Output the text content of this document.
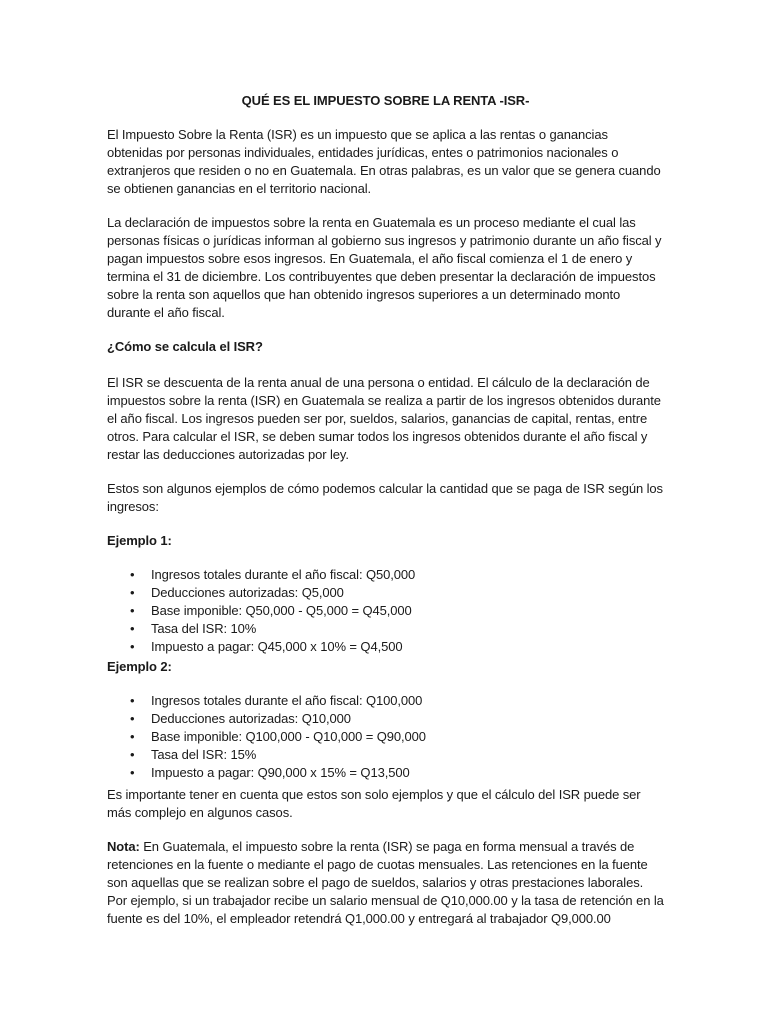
QUÉ ES EL IMPUESTO SOBRE LA RENTA -ISR-

El Impuesto Sobre la Renta (ISR) es un impuesto que se aplica a las rentas o ganancias obtenidas por personas individuales, entidades jurídicas, entes o patrimonios nacionales o extranjeros que residen o no en Guatemala. En otras palabras, es un valor que se genera cuando se obtienen ganancias en el territorio nacional.

La declaración de impuestos sobre la renta en Guatemala es un proceso mediante el cual las personas físicas o jurídicas informan al gobierno sus ingresos y patrimonio durante un año fiscal y pagan impuestos sobre esos ingresos. En Guatemala, el año fiscal comienza el 1 de enero y termina el 31 de diciembre. Los contribuyentes que deben presentar la declaración de impuestos sobre la renta son aquellos que han obtenido ingresos superiores a un determinado monto durante el año fiscal.

¿Cómo se calcula el ISR?

El ISR se descuenta de la renta anual de una persona o entidad. El cálculo de la declaración de impuestos sobre la renta (ISR) en Guatemala se realiza a partir de los ingresos obtenidos durante el año fiscal. Los ingresos pueden ser por, sueldos, salarios, ganancias de capital, rentas, entre otros. Para calcular el ISR, se deben sumar todos los ingresos obtenidos durante el año fiscal y restar las deducciones autorizadas por ley.

Estos son algunos ejemplos de cómo podemos calcular la cantidad que se paga de ISR según los ingresos:

Ejemplo 1:
• Ingresos totales durante el año fiscal: Q50,000
• Deducciones autorizadas: Q5,000
• Base imponible: Q50,000 - Q5,000 = Q45,000
• Tasa del ISR: 10%
• Impuesto a pagar: Q45,000 x 10% = Q4,500
Ejemplo 2:
• Ingresos totales durante el año fiscal: Q100,000
• Deducciones autorizadas: Q10,000
• Base imponible: Q100,000 - Q10,000 = Q90,000
• Tasa del ISR: 15%
• Impuesto a pagar: Q90,000 x 15% = Q13,500

Es importante tener en cuenta que estos son solo ejemplos y que el cálculo del ISR puede ser más complejo en algunos casos.

Nota: En Guatemala, el impuesto sobre la renta (ISR) se paga en forma mensual a través de retenciones en la fuente o mediante el pago de cuotas mensuales. Las retenciones en la fuente son aquellas que se realizan sobre el pago de sueldos, salarios y otras prestaciones laborales. Por ejemplo, si un trabajador recibe un salario mensual de Q10,000.00 y la tasa de retención en la fuente es del 10%, el empleador retendrá Q1,000.00 y entregará al trabajador Q9,000.00
